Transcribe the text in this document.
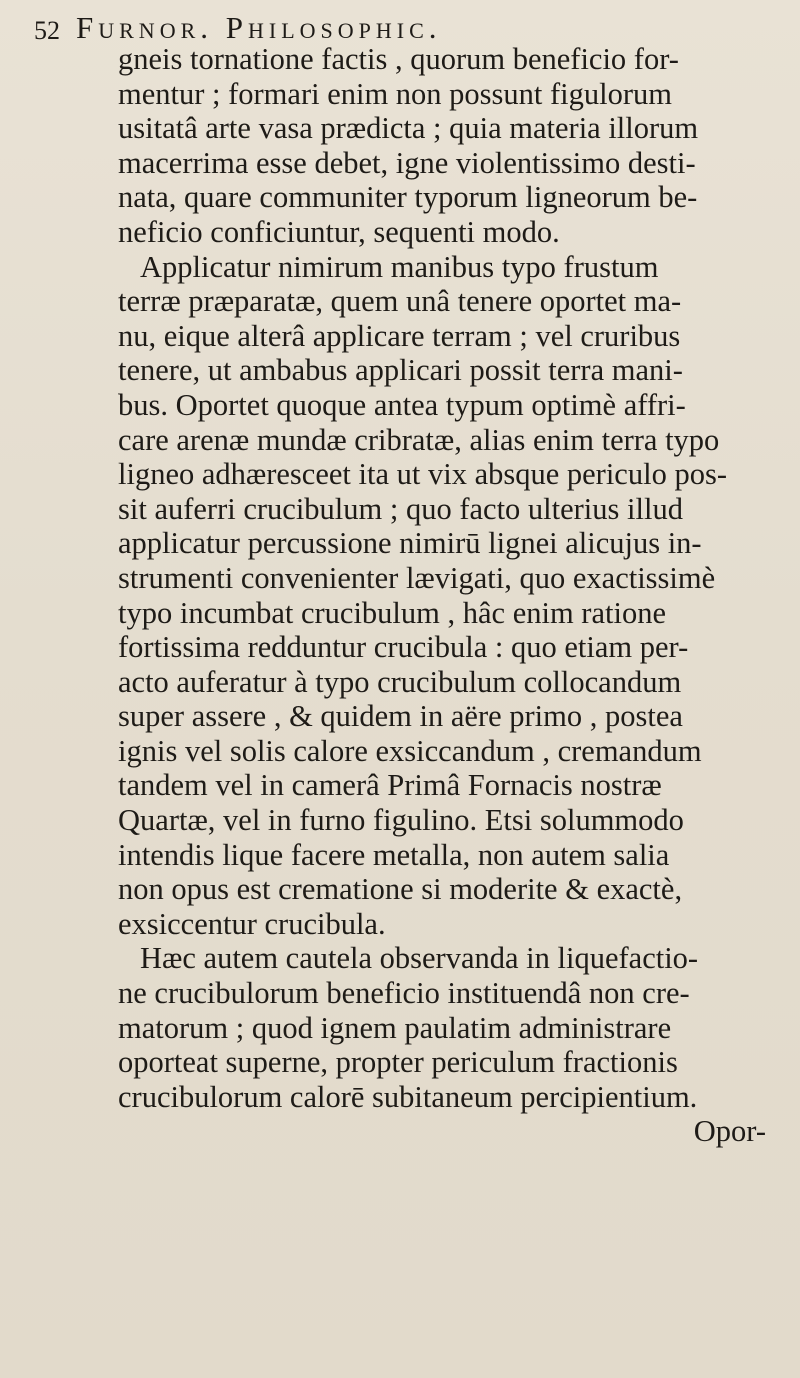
52 Furnor. Philosophic.
gneis tornatione factis , quorum beneficio for-
mentur ; formari enim non possunt figulorum
usitatâ arte vasa prædicta ; quia materia illorum
macerrima esse debet, igne violentissimo desti-
nata, quare communiter typorum ligneorum be-
neficio conficiuntur, sequenti modo.
Applicatur nimirum manibus typo frustum
terræ præparatæ, quem unâ tenere oportet ma-
nu, eique alterâ applicare terram ; vel cruribus
tenere, ut ambabus applicari possit terra mani-
bus. Oportet quoque antea typum optimè affri-
care arenæ mundæ cribratæ, alias enim terra typo
ligneo adhæresceet ita ut vix absque periculo pos-
sit auferri crucibulum ; quo facto ulterius illud
applicatur percussione nimirū lignei alicujus in-
strumenti convenienter lævigati, quo exactissimè
typo incumbat crucibulum , hâc enim ratione
fortissima redduntur crucibula : quo etiam per-
acto auferatur à typo crucibulum collocandum
super assere , & quidem in aëre primo , postea
ignis vel solis calore exsiccandum , cremandum
tandem vel in camerâ Primâ Fornacis nostræ
Quartæ, vel in furno figulino. Etsi solummodo
intendis lique facere metalla, non autem salia
non opus est crematione si moderite & exactè,
exsiccentur crucibula.
Hæc autem cautela observanda in liquefactio-
ne crucibulorum beneficio instituendâ non cre-
matorum ; quod ignem paulatim administrare
oporteat superne, propter periculum fractionis
crucibulorum calorē subitaneum percipientium.
Opor-
